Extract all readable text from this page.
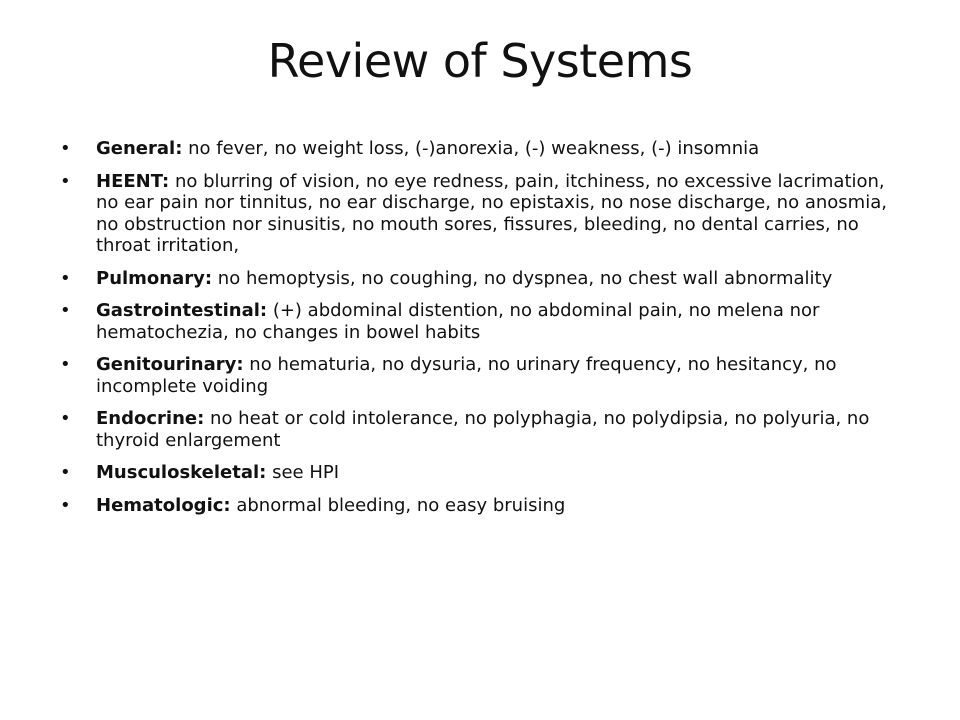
Review of Systems
•	General: no fever, no weight loss, (-)anorexia, (-) weakness, (-) insomnia
•	HEENT: no blurring of vision, no eye redness, pain, itchiness, no excessive lacrimation, no ear pain nor tinnitus, no ear discharge, no epistaxis, no nose discharge, no anosmia, no obstruction nor sinusitis, no mouth sores, fissures, bleeding, no dental carries, no throat irritation,
•	Pulmonary: no hemoptysis, no coughing, no dyspnea, no chest wall abnormality
•	Gastrointestinal: (+) abdominal distention, no abdominal pain, no melena nor hematochezia, no changes in bowel habits
•	Genitourinary: no hematuria, no dysuria, no urinary frequency, no hesitancy, no incomplete voiding
•	Endocrine: no heat or cold intolerance, no polyphagia, no polydipsia, no polyuria, no thyroid enlargement
•	Musculoskeletal: see HPI
•	Hematologic: abnormal bleeding, no easy bruising
